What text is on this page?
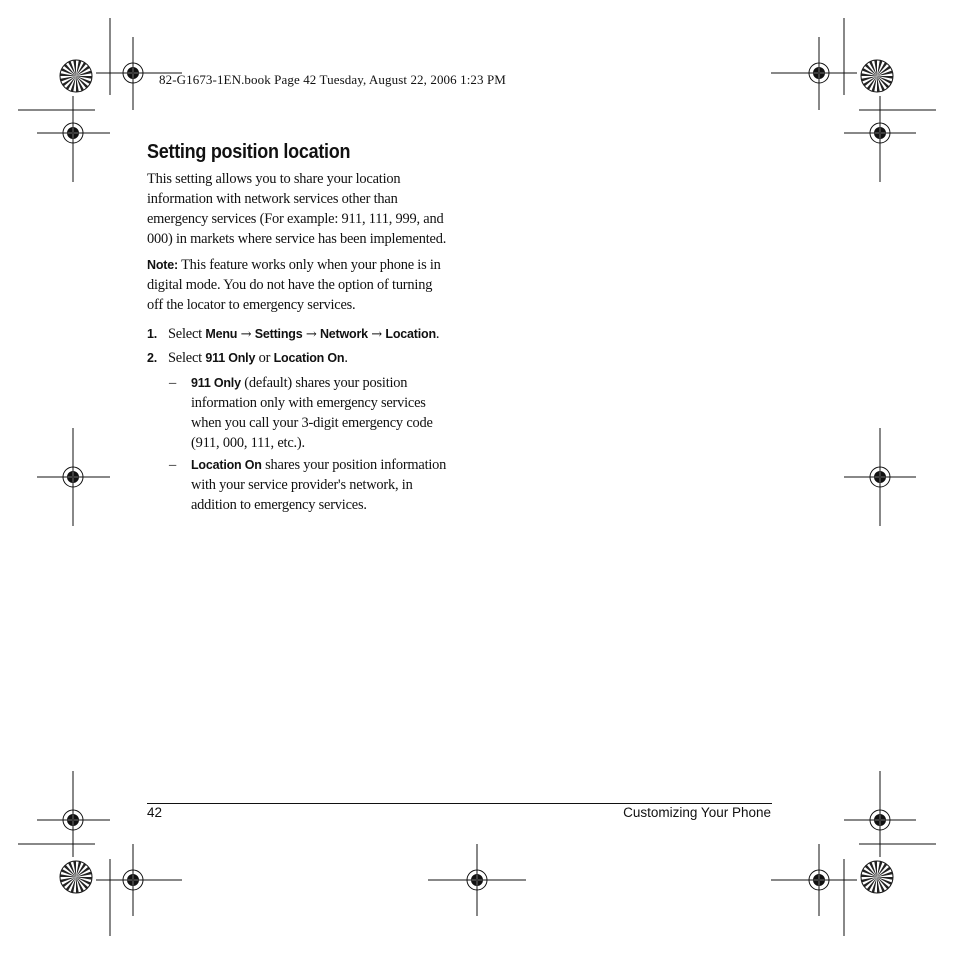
82-G1673-1EN.book Page 42 Tuesday, August 22, 2006 1:23 PM
Setting position location

This setting allows you to share your location information with network services other than emergency services (For example: 911, 111, 999, and 000) in markets where service has been implemented.

Note: This feature works only when your phone is in digital mode. You do not have the option of turning off the locator to emergency services.

1. Select Menu → Settings → Network → Location.
2. Select 911 Only or Location On.
– 911 Only (default) shares your position information only with emergency services when you call your 3-digit emergency code (911, 000, 111, etc.).
– Location On shares your position information with your service provider's network, in addition to emergency services.
42	Customizing Your Phone
